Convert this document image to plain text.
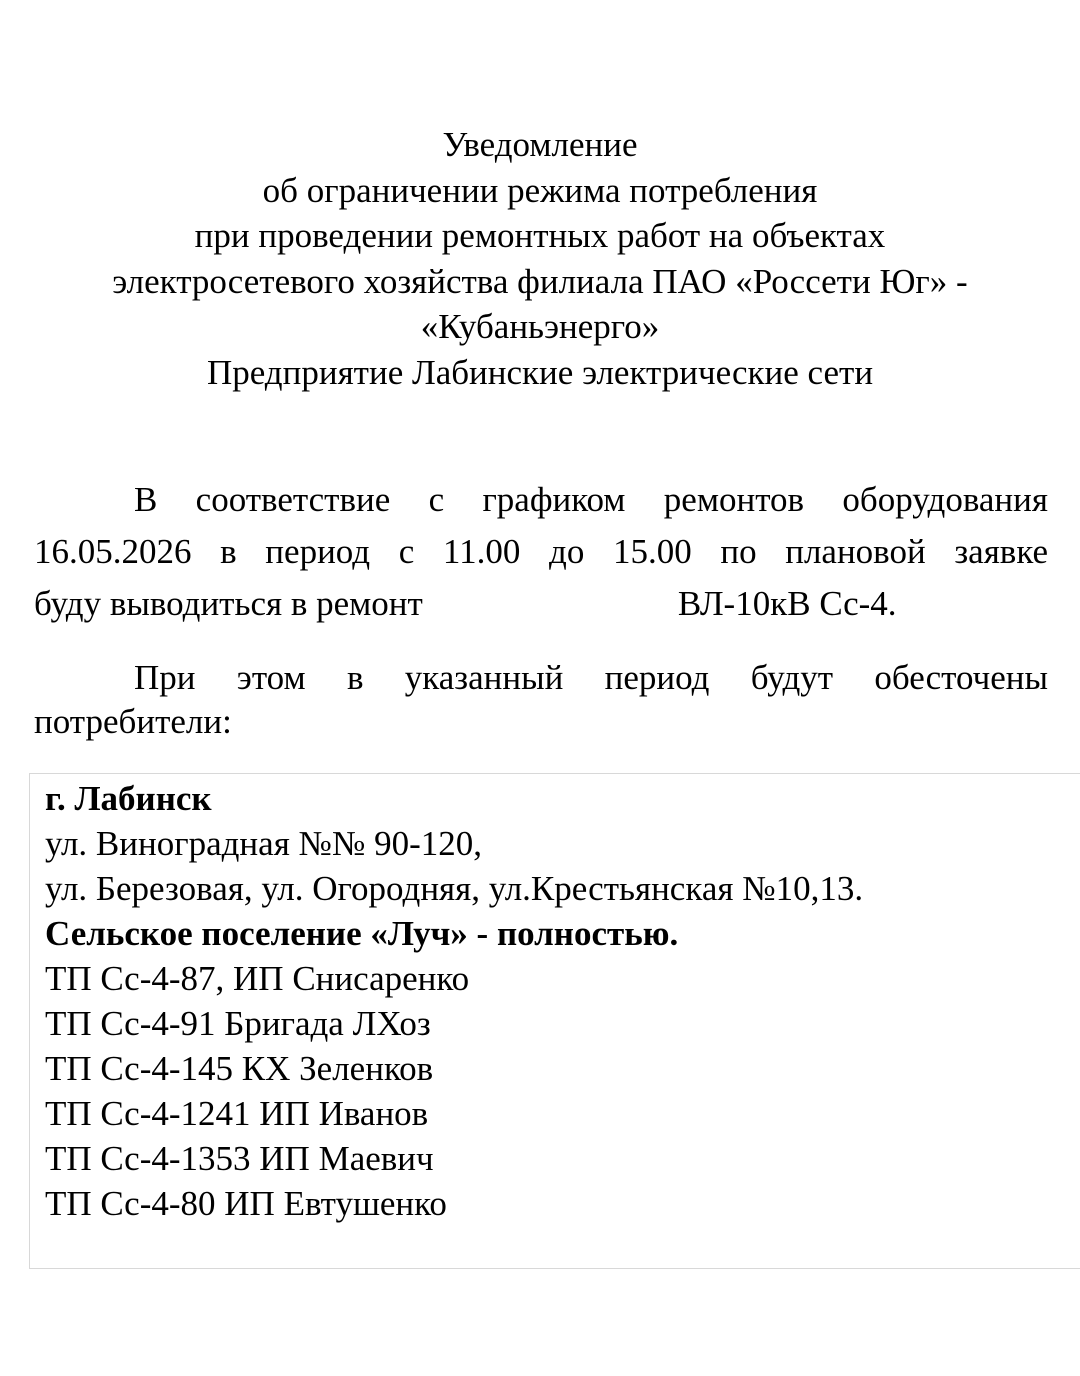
Уведомление
об ограничении режима потребления
при проведении ремонтных работ на объектах
электросетевого хозяйства филиала ПАО «Россети Юг» -
«Кубаньэнерго»
Предприятие Лабинские электрические сети
В соответствие с графиком ремонтов оборудования
16.05.2026 в период с 11.00 до 15.00 по плановой заявке
буду выводиться в ремонт	ВЛ-10кВ Сс-4.
При этом в указанный период будут обесточены
потребители:
г. Лабинск
ул. Виноградная №№ 90-120,
ул. Березовая, ул. Огородняя, ул.Крестьянская №10,13.
Сельское поселение «Луч» - полностью.
ТП Сс-4-87, ИП Снисаренко
ТП Сс-4-91 Бригада ЛХоз
ТП Сс-4-145 КХ Зеленков
ТП Сс-4-1241 ИП Иванов
ТП Сс-4-1353 ИП Маевич
ТП Сс-4-80 ИП Евтушенко
